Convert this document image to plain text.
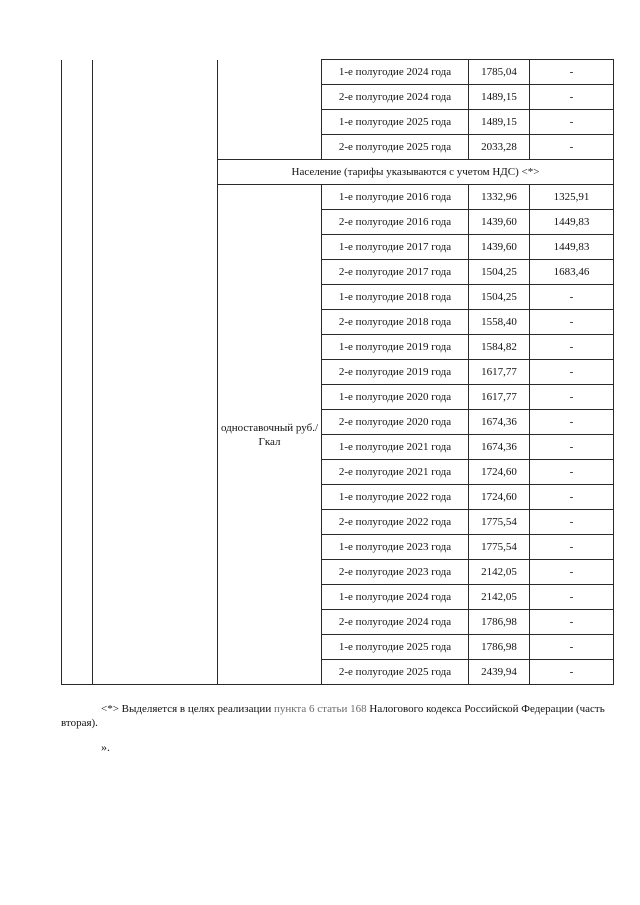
			1-е полугодие 2024 года	1785,04	-
			2-е полугодие 2024 года	1489,15	-
			1-е полугодие 2025 года	1489,15	-
			2-е полугодие 2025 года	2033,28	-
		Население (тарифы указываются с учетом НДС) <*>			
		одноставочный руб./Гкал	1-е полугодие 2016 года	1332,96	1325,91
			2-е полугодие 2016 года	1439,60	1449,83
			1-е полугодие 2017 года	1439,60	1449,83
			2-е полугодие 2017 года	1504,25	1683,46
			1-е полугодие 2018 года	1504,25	-
			2-е полугодие 2018 года	1558,40	-
			1-е полугодие 2019 года	1584,82	-
			2-е полугодие 2019 года	1617,77	-
			1-е полугодие 2020 года	1617,77	-
			2-е полугодие 2020 года	1674,36	-
			1-е полугодие 2021 года	1674,36	-
			2-е полугодие 2021 года	1724,60	-
			1-е полугодие 2022 года	1724,60	-
			2-е полугодие 2022 года	1775,54	-
			1-е полугодие 2023 года	1775,54	-
			2-е полугодие 2023 года	2142,05	-
			1-е полугодие 2024 года	2142,05	-
			2-е полугодие 2024 года	1786,98	-
			1-е полугодие 2025 года	1786,98	-
			2-е полугодие 2025 года	2439,94	-

<*> Выделяется в целях реализации пункта 6 статьи 168 Налогового кодекса Российской Федерации (часть вторая).

».
